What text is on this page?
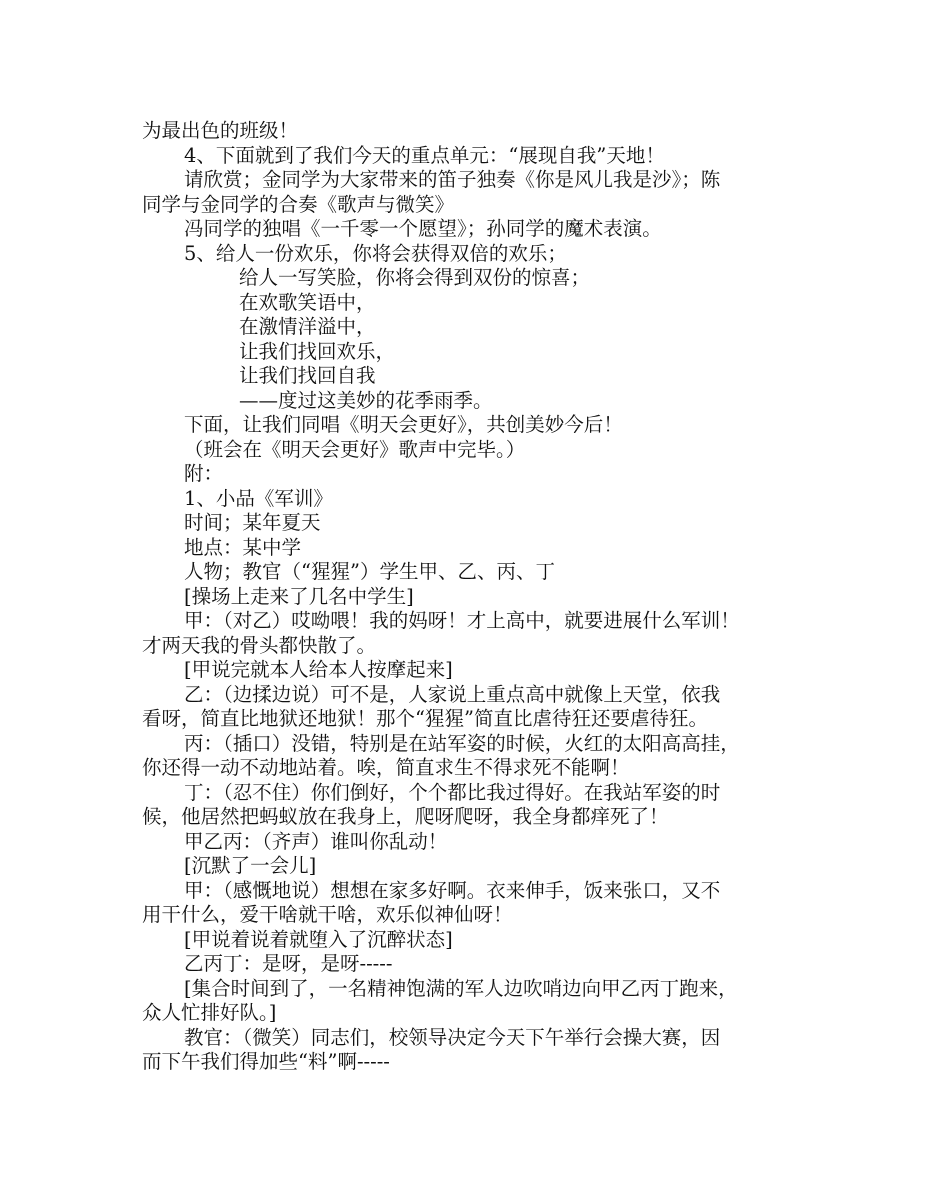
为最出色的班级！
4、下面就到了我们今天的重点单元：“展现自我”天地！
请欣赏；金同学为大家带来的笛子独奏《你是风儿我是沙》；陈
同学与金同学的合奏《歌声与微笑》
冯同学的独唱《一千零一个愿望》；孙同学的魔术表演。
5、给人一份欢乐，你将会获得双倍的欢乐；
给人一写笑脸，你将会得到双份的惊喜；
在欢歌笑语中，
在激情洋溢中，
让我们找回欢乐，
让我们找回自我
——度过这美妙的花季雨季。
下面，让我们同唱《明天会更好》，共创美妙今后！
（班会在《明天会更好》歌声中完毕。）
附：
1、小品《军训》
时间；某年夏天
地点：某中学
人物；教官（“猩猩”）学生甲、乙、丙、丁
[操场上走来了几名中学生]
甲：（对乙）哎呦喂！我的妈呀！才上高中，就要进展什么军训！
才两天我的骨头都快散了。
[甲说完就本人给本人按摩起来]
乙：（边揉边说）可不是，人家说上重点高中就像上天堂，依我
看呀，简直比地狱还地狱！那个“猩猩”简直比虐待狂还要虐待狂。
丙：（插口）没错，特别是在站军姿的时候，火红的太阳高高挂，
你还得一动不动地站着。唉，简直求生不得求死不能啊！
丁：（忍不住）你们倒好，个个都比我过得好。在我站军姿的时
候，他居然把蚂蚁放在我身上，爬呀爬呀，我全身都痒死了！
甲乙丙：（齐声）谁叫你乱动！
[沉默了一会儿]
甲：（感慨地说）想想在家多好啊。衣来伸手，饭来张口，又不
用干什么，爱干啥就干啥，欢乐似神仙呀！
[甲说着说着就堕入了沉醉状态]
乙丙丁：是呀，是呀-----
[集合时间到了，一名精神饱满的军人边吹哨边向甲乙丙丁跑来，
众人忙排好队。]
教官：（微笑）同志们，校领导决定今天下午举行会操大赛，因
而下午我们得加些“料”啊-----
